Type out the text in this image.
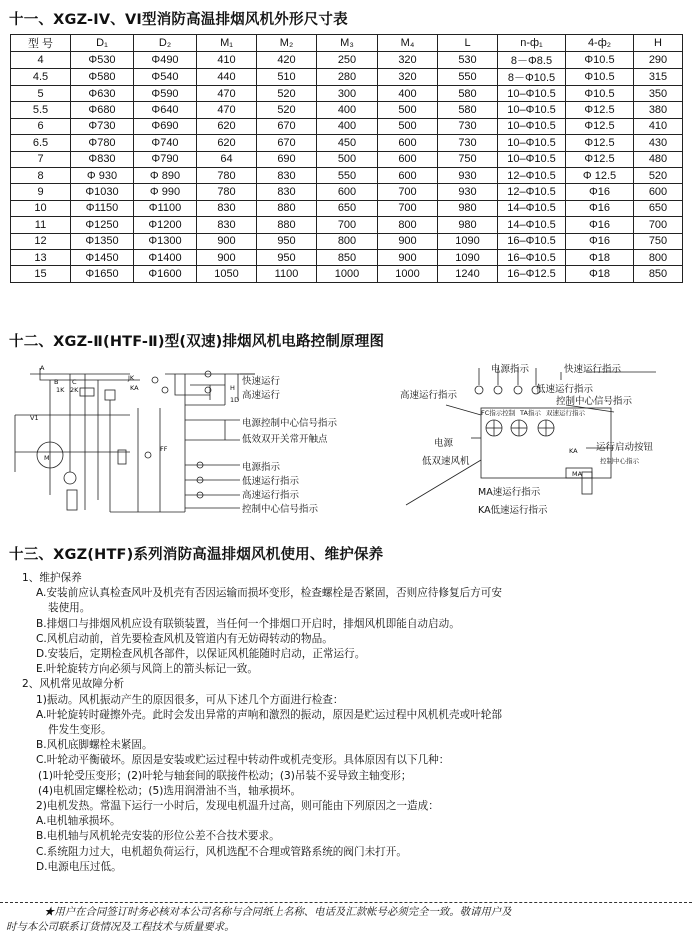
十一、XGZ-IV、VI型消防高温排烟风机外形尺寸表
型 号	D₁	D₂	M₁	M₂	M₃	M₄	L	n-ф₁	4-ф₂	H
4	Φ530	Φ490	410	420	250	320	530	8－Φ8.5	Φ10.5	290
4.5	Φ580	Φ540	440	510	280	320	550	8－Φ10.5	Φ10.5	315
5	Φ630	Φ590	470	520	300	400	580	10–Φ10.5	Φ10.5	350
5.5	Φ680	Φ640	470	520	400	500	580	10–Φ10.5	Φ12.5	380
6	Φ730	Φ690	620	670	400	500	730	10–Φ10.5	Φ12.5	410
6.5	Φ780	Φ740	620	670	450	600	730	10–Φ10.5	Φ12.5	430
7	Φ830	Φ790	64	690	500	600	750	10–Φ10.5	Φ12.5	480
8	Φ 930	Φ 890	780	830	550	600	930	12–Φ10.5	Φ 12.5	520
9	Φ1030	Φ 990	780	830	600	700	930	12–Φ10.5	Φ16	600
10	Φ1150	Φ1100	830	880	650	700	980	14–Φ10.5	Φ16	650
11	Φ1250	Φ1200	830	880	700	800	980	14–Φ10.5	Φ16	700
12	Φ1350	Φ1300	900	950	800	900	1090	16–Φ10.5	Φ16	750
13	Φ1450	Φ1400	900	950	850	900	1090	16–Φ10.5	Φ18	800
15	Φ1650	Φ1600	1050	1100	1000	1000	1240	16–Φ12.5	Φ18	850
十二、XGZ-Ⅱ(HTF-Ⅱ)型(双速)排烟风机电路控制原理图
A
B C
1K 2K
JK
KA
V1
M
FF
H
1D
快速运行
高速运行
电源控制中心信号指示
低效双开关常开触点
电源指示
低速运行指示
高速运行指示
控制中心信号指示
电源指示	快速运行指示
高速运行指示
低速运行指示
控制中心信号指示
FC指示控制 TA指示 双速运行指示
电源
低双速风机
运行启动按钮
控制中心指示
MA速运行指示
KA低速运行指示
MA
KA
十三、XGZ(HTF)系列消防高温排烟风机使用、维护保养
1、维护保养
A.安装前应认真检查风叶及机壳有否因运输而损坏变形，检查螺栓是否紧固，否则应待修复后方可安
装使用。
B.排烟口与排烟风机应设有联锁装置，当任何一个排烟口开启时，排烟风机即能自动启动。
C.风机启动前，首先要检查风机及管道内有无妨碍转动的物品。
D.安装后，定期检查风机各部件，以保证风机能随时启动，正常运行。
E.叶轮旋转方向必须与风筒上的箭头标记一致。
2、风机常见故障分析
1)振动。风机振动产生的原因很多，可从下述几个方面进行检查：
A.叶轮旋转时碰擦外壳。此时会发出异常的声响和激烈的振动，原因是贮运过程中风机机壳或叶轮部
件发生变形。
B.风机底脚螺栓未紧固。
C.叶轮动平衡破坏。原因是安装或贮运过程中转动件或机壳变形。具体原因有以下几种：
(1)叶轮受压变形；(2)叶轮与轴套间的联接件松动；(3)吊装不妥导致主轴变形；
(4)电机固定螺栓松动；(5)选用润滑油不当，轴承损坏。
2)电机发热。常温下运行一小时后，发现电机温升过高，则可能由下列原因之一造成：
A.电机轴承损坏。
B.电机轴与风机轮壳安装的形位公差不合技术要求。
C.系统阻力过大，电机超负荷运行，风机选配不合理或管路系统的阀门未打开。
D.电源电压过低。
★用户在合同签订时务必核对本公司名称与合同纸上名称、电话及汇款帐号必须完全一致。敬请用户及
时与本公司联系订货情况及工程技术与质量要求。
